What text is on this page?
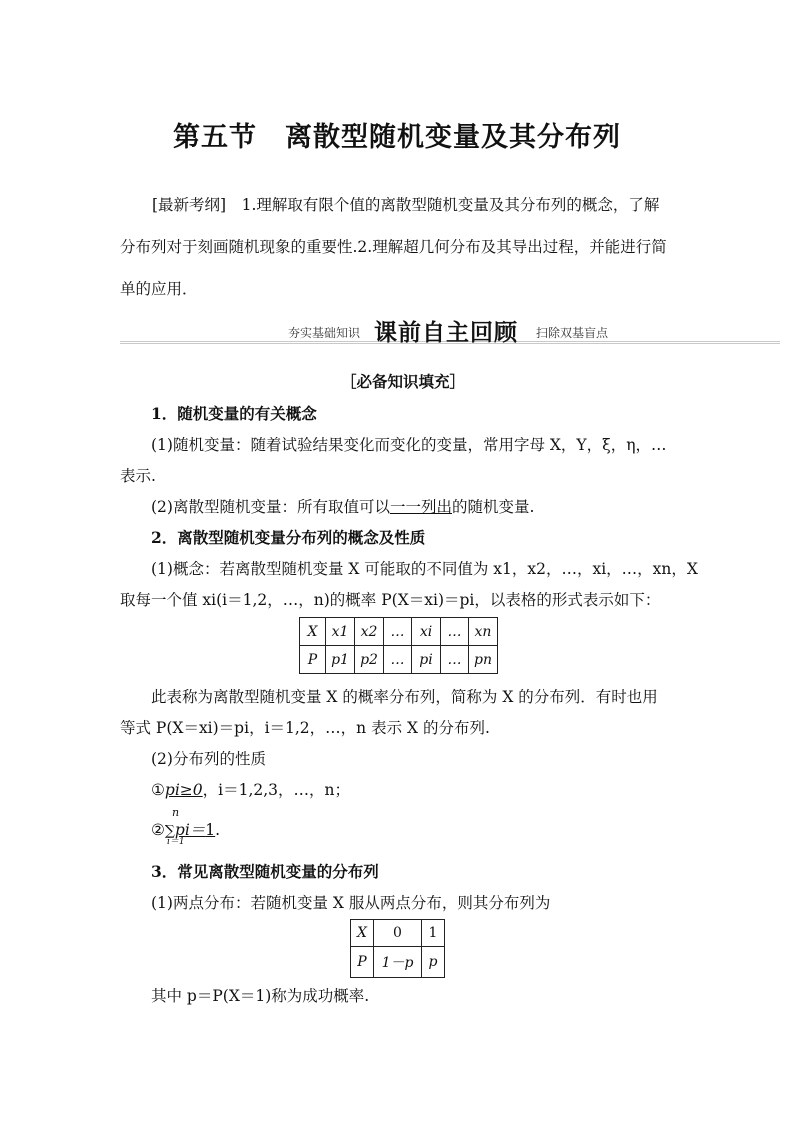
第五节　离散型随机变量及其分布列
[最新考纲]　1.理解取有限个值的离散型随机变量及其分布列的概念，了解
分布列对于刻画随机现象的重要性.2.理解超几何分布及其导出过程，并能进行简
单的应用．
夯实基础知识 课前自主回顾 扫除双基盲点
［必备知识填充］
1．随机变量的有关概念
(1)随机变量：随着试验结果变化而变化的变量，常用字母 X，Y，ξ，η，…
表示.
(2)离散型随机变量：所有取值可以一一列出的随机变量.
2．离散型随机变量分布列的概念及性质
(1)概念：若离散型随机变量 X 可能取的不同值为 x1，x2，…，xi，…，xn，X
取每一个值 xi(i＝1,2，…，n)的概率 P(X＝xi)＝pi，以表格的形式表示如下：
X	x1	x2	…	xi	…	xn
P	p1	p2	…	pi	…	pn
此表称为离散型随机变量 X 的概率分布列，简称为 X 的分布列．有时也用
等式 P(X＝xi)＝pi，i＝1,2，…，n 表示 X 的分布列.
(2)分布列的性质
①pi≥0，i＝1,2,3，…，n；
n
②∑pi＝1.
i＝1
3．常见离散型随机变量的分布列
(1)两点分布：若随机变量 X 服从两点分布，则其分布列为
X	0	1
P	1－p	p
其中 p＝P(X＝1)称为成功概率.
